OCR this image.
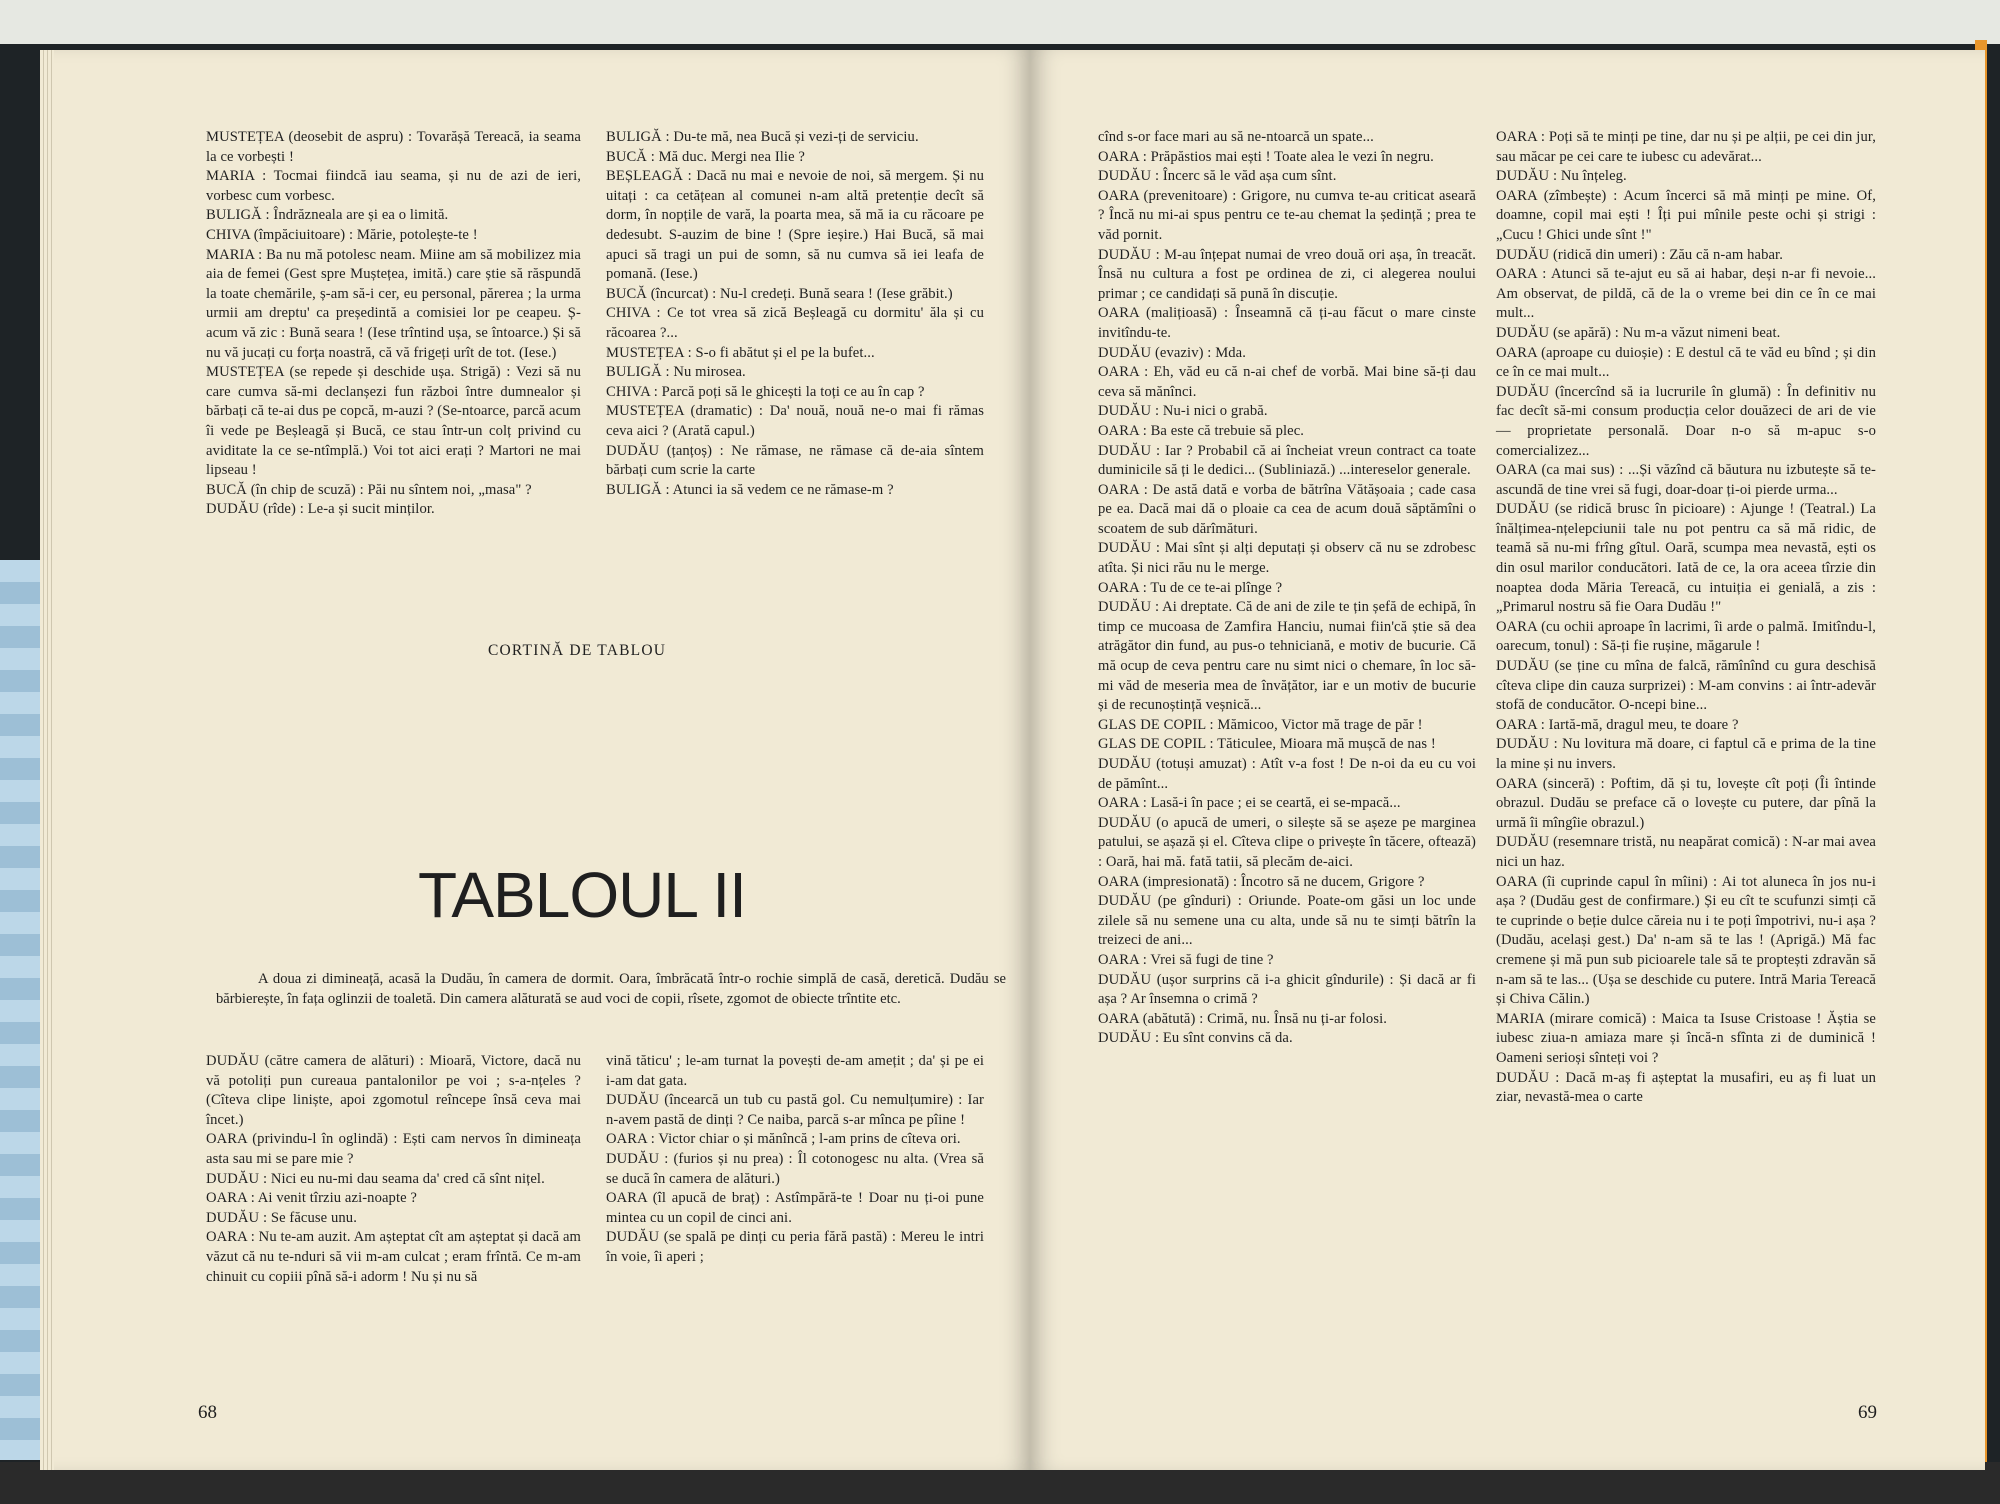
MUSTEȚEA (deosebit de aspru) : Tovarășă Tereacă, ia seama la ce vorbești !

MARIA : Tocmai fiindcă iau seama, și nu de azi de ieri, vorbesc cum vorbesc.

BULIGĂ : Îndrăzneala are și ea o limită.

CHIVA (împăciuitoare) : Mărie, potolește-te !

MARIA : Ba nu mă potolesc neam. Miine am să mobilizez mia aia de femei (Gest spre Muștețea, imită.) care știe să răspundă la toate chemările, ș-am să-i cer, eu personal, părerea ; la urma urmii am dreptu' ca președintă a comisiei lor pe ceapeu. Ș-acum vă zic : Bună seara ! (Iese trîntind ușa, se întoarce.) Și să nu vă jucați cu forța noastră, că vă frigeți urît de tot. (Iese.)

MUSTEȚEA (se repede și deschide ușa. Strigă) : Vezi să nu care cumva să-mi declanșezi fun război între dumnealor și bărbați că te-ai dus pe copcă, m-auzi ? (Se-ntoarce, parcă acum îi vede pe Beșleagă și Bucă, ce stau într-un colț privind cu aviditate la ce se-ntîmplă.) Voi tot aici erați ? Martori ne mai lipseau !

BUCĂ (în chip de scuză) : Păi nu sîntem noi, „masa" ?

DUDĂU (rîde) : Le-a și sucit minților.

BULIGĂ : Du-te mă, nea Bucă și vezi-ți de serviciu.

BUCĂ : Mă duc. Mergi nea Ilie ?

BEȘLEAGĂ : Dacă nu mai e nevoie de noi, să mergem. Și nu uitați : ca cetățean al comunei n-am altă pretenție decît să dorm, în nopțile de vară, la poarta mea, să mă ia cu răcoare pe dedesubt. S-auzim de bine ! (Spre ieșire.) Hai Bucă, să mai apuci să tragi un pui de somn, să nu cumva să iei leafa de pomană. (Iese.)

BUCĂ (încurcat) : Nu-l credeți. Bună seara ! (Iese grăbit.)

CHIVA : Ce tot vrea să zică Beșleagă cu dormitu' ăla și cu răcoarea ?...

MUSTEȚEA : S-o fi abătut și el pe la bufet...

BULIGĂ : Nu mirosea.

CHIVA : Parcă poți să le ghicești la toți ce au în cap ?

MUSTEȚEA (dramatic) : Da' nouă, nouă ne-o mai fi rămas ceva aici ? (Arată capul.)

DUDĂU (țanțoș) : Ne rămase, ne rămase că de-aia sîntem bărbați cum scrie la carte

BULIGĂ : Atunci ia să vedem ce ne rămase-m ?

CORTINĂ DE TABLOU
TABLOUL II
A doua zi dimineață, acasă la Dudău, în camera de dormit. Oara, îmbrăcată într-o rochie simplă de casă, deretică. Dudău se bărbierește, în fața oglinzii de toaletă. Din camera alăturată se aud voci de copii, rîsete, zgomot de obiecte trîntite etc.

DUDĂU (către camera de alături) : Mioară, Victore, dacă nu vă potoliți pun cureaua pantalonilor pe voi ; s-a-nțeles ? (Cîteva clipe liniște, apoi zgomotul reîncepe însă ceva mai încet.)

OARA (privindu-l în oglindă) : Ești cam nervos în dimineața asta sau mi se pare mie ?

DUDĂU : Nici eu nu-mi dau seama da' cred că sînt nițel.

OARA : Ai venit tîrziu azi-noapte ?

DUDĂU : Se făcuse unu.

OARA : Nu te-am auzit. Am așteptat cît am așteptat și dacă am văzut că nu te-nduri să vii m-am culcat ; eram frîntă. Ce m-am chinuit cu copiii pînă să-i adorm ! Nu și nu să

vină tăticu' ; le-am turnat la povești de-am amețit ; da' și pe ei i-am dat gata.

DUDĂU (încearcă un tub cu pastă gol. Cu nemulțumire) : Iar n-avem pastă de dinți ? Ce naiba, parcă s-ar mînca pe pîine !

OARA : Victor chiar o și mănîncă ; l-am prins de cîteva ori.

DUDĂU : (furios și nu prea) : Îl cotonogesc nu alta. (Vrea să se ducă în camera de alături.)

OARA (îl apucă de braț) : Astîmpără-te ! Doar nu ți-oi pune mintea cu un copil de cinci ani.

DUDĂU (se spală pe dinți cu peria fără pastă) : Mereu le intri în voie, îi aperi ;

68

cînd s-or face mari au să ne-ntoarcă un spate...

OARA : Prăpăstios mai ești ! Toate alea le vezi în negru.

DUDĂU : Încerc să le văd așa cum sînt.

OARA (prevenitoare) : Grigore, nu cumva te-au criticat aseară ? Încă nu mi-ai spus pentru ce te-au chemat la ședință ; prea te văd pornit.

DUDĂU : M-au înțepat numai de vreo două ori așa, în treacăt. Însă nu cultura a fost pe ordinea de zi, ci alegerea noului primar ; ce candidați să pună în discuție.

OARA (malițioasă) : Înseamnă că ți-au făcut o mare cinste invitîndu-te.

DUDĂU (evaziv) : Mda.

OARA : Eh, văd eu că n-ai chef de vorbă. Mai bine să-ți dau ceva să mănînci.

DUDĂU : Nu-i nici o grabă.

OARA : Ba este că trebuie să plec.

DUDĂU : Iar ? Probabil că ai încheiat vreun contract ca toate duminicile să ți le dedici... (Subliniază.) ...intereselor generale.

OARA : De astă dată e vorba de bătrîna Vătășoaia ; cade casa pe ea. Dacă mai dă o ploaie ca cea de acum două săptămîni o scoatem de sub dărîmături.

DUDĂU : Mai sînt și alți deputați și observ că nu se zdrobesc atîta. Și nici rău nu le merge.

OARA : Tu de ce te-ai plînge ?

DUDĂU : Ai dreptate. Că de ani de zile te țin șefă de echipă, în timp ce mucoasa de Zamfira Hanciu, numai fiin'că știe să dea atrăgător din fund, au pus-o tehniciană, e motiv de bucurie. Că mă ocup de ceva pentru care nu simt nici o chemare, în loc să-mi văd de meseria mea de învățător, iar e un motiv de bucurie și de recunoștință veșnică...

GLAS DE COPIL : Mămicoo, Victor mă trage de păr !

GLAS DE COPIL : Tăticulee, Mioara mă mușcă de nas !

DUDĂU (totuși amuzat) : Atît v-a fost ! De n-oi da eu cu voi de pămînt...

OARA : Lasă-i în pace ; ei se ceartă, ei se-mpacă...

DUDĂU (o apucă de umeri, o silește să se așeze pe marginea patului, se așază și el. Cîteva clipe o privește în tăcere, oftează) : Oară, hai mă. fată tatii, să plecăm de-aici.

OARA (impresionată) : Încotro să ne ducem, Grigore ?

DUDĂU (pe gînduri) : Oriunde. Poate-om găsi un loc unde zilele să nu semene una cu alta, unde să nu te simți bătrîn la treizeci de ani...

OARA : Vrei să fugi de tine ?

DUDĂU (ușor surprins că i-a ghicit gîndurile) : Și dacă ar fi așa ? Ar însemna o crimă ?

OARA (abătută) : Crimă, nu. Însă nu ți-ar folosi.

DUDĂU : Eu sînt convins că da.

OARA : Poți să te minți pe tine, dar nu și pe alții, pe cei din jur, sau măcar pe cei care te iubesc cu adevărat...

DUDĂU : Nu înțeleg.

OARA (zîmbește) : Acum încerci să mă minți pe mine. Of, doamne, copil mai ești ! Îți pui mînile peste ochi și strigi : „Cucu ! Ghici unde sînt !"

DUDĂU (ridică din umeri) : Zău că n-am habar.

OARA : Atunci să te-ajut eu să ai habar, deși n-ar fi nevoie... Am observat, de pildă, că de la o vreme bei din ce în ce mai mult...

DUDĂU (se apără) : Nu m-a văzut nimeni beat.

OARA (aproape cu duioșie) : E destul că te văd eu bînd ; și din ce în ce mai mult...

DUDĂU (încercînd să ia lucrurile în glumă) : În definitiv nu fac decît să-mi consum producția celor douăzeci de ari de vie — proprietate personală. Doar n-o să m-apuc s-o comercializez...

OARA (ca mai sus) : ...Și văzînd că băutura nu izbutește să te-ascundă de tine vrei să fugi, doar-doar ți-oi pierde urma...

DUDĂU (se ridică brusc în picioare) : Ajunge ! (Teatral.) La înălțimea-nțelepciunii tale nu pot pentru ca să mă ridic, de teamă să nu-mi frîng gîtul. Oară, scumpa mea nevastă, ești os din osul marilor conducători. Iată de ce, la ora aceea tîrzie din noaptea doda Măria Tereacă, cu intuiția ei genială, a zis : „Primarul nostru să fie Oara Dudău !"

OARA (cu ochii aproape în lacrimi, îi arde o palmă. Imitîndu-l, oarecum, tonul) : Să-ți fie rușine, măgarule !

DUDĂU (se ține cu mîna de falcă, rămînînd cu gura deschisă cîteva clipe din cauza surprizei) : M-am convins : ai într-adevăr stofă de conducător. O-ncepi bine...

OARA : Iartă-mă, dragul meu, te doare ?

DUDĂU : Nu lovitura mă doare, ci faptul că e prima de la tine la mine și nu invers.

OARA (sinceră) : Poftim, dă și tu, lovește cît poți (Îi întinde obrazul. Dudău se preface că o lovește cu putere, dar pînă la urmă îi mîngîie obrazul.)

DUDĂU (resemnare tristă, nu neapărat comică) : N-ar mai avea nici un haz.

OARA (îi cuprinde capul în mîini) : Ai tot aluneca în jos nu-i așa ? (Dudău gest de confirmare.) Și eu cît te scufunzi simți că te cuprinde o beție dulce căreia nu i te poți împotrivi, nu-i așa ? (Dudău, același gest.) Da' n-am să te las ! (Aprigă.) Mă fac cremene și mă pun sub picioarele tale să te proptești zdravăn să n-am să te las... (Ușa se deschide cu putere. Intră Maria Tereacă și Chiva Călin.)

MARIA (mirare comică) : Maica ta Isuse Cristoase ! Ăștia se iubesc ziua-n amiaza mare și încă-n sfînta zi de duminică ! Oameni serioși sînteți voi ?

DUDĂU : Dacă m-aș fi așteptat la musafiri, eu aș fi luat un ziar, nevastă-mea o carte

69
